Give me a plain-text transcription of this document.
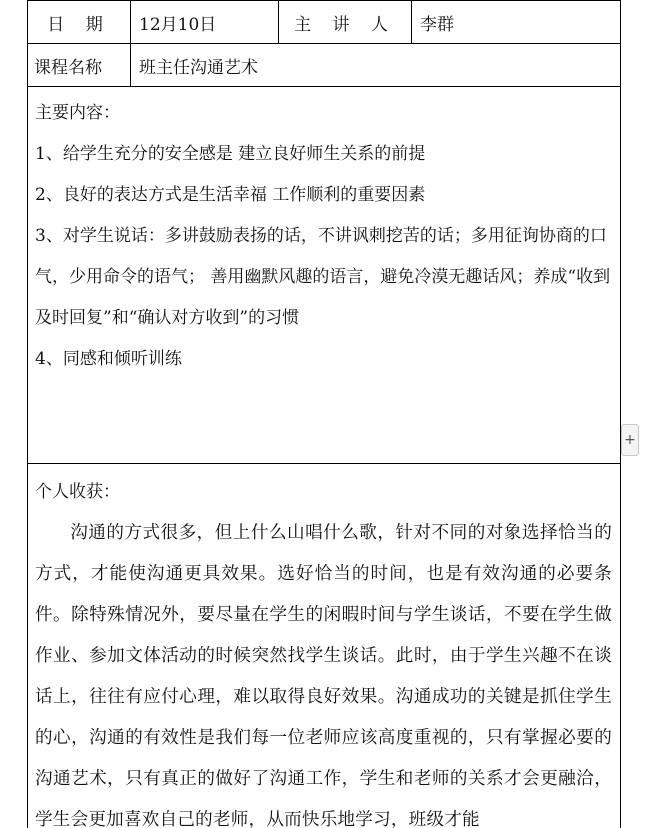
日 期	12月10日	主 讲 人	李群
课程名称	班主任沟通艺术		

主要内容：
1、给学生充分的安全感是 建立良好师生关系的前提
2、良好的表达方式是生活幸福 工作顺利的重要因素
3、对学生说话：多讲鼓励表扬的话，不讲讽刺挖苦的话；多用征询协商的口气，少用命令的语气； 善用幽默风趣的语言，避免冷漠无趣话风；养成“收到及时回复”和“确认对方收到”的习惯
4、同感和倾听训练			

个人收获：
沟通的方式很多，但上什么山唱什么歌，针对不同的对象选择恰当的方式，才能使沟通更具效果。选好恰当的时间，也是有效沟通的必要条件。除特殊情况外，要尽量在学生的闲暇时间与学生谈话，不要在学生做作业、参加文体活动的时候突然找学生谈话。此时，由于学生兴趣不在谈话上，往往有应付心理，难以取得良好效果。沟通成功的关键是抓住学生的心，沟通的有效性是我们每一位老师应该高度重视的，只有掌握必要的沟通艺术，只有真正的做好了沟通工作，学生和老师的关系才会更融洽，学生会更加喜欢自己的老师，从而快乐地学习，班级才能			
+
